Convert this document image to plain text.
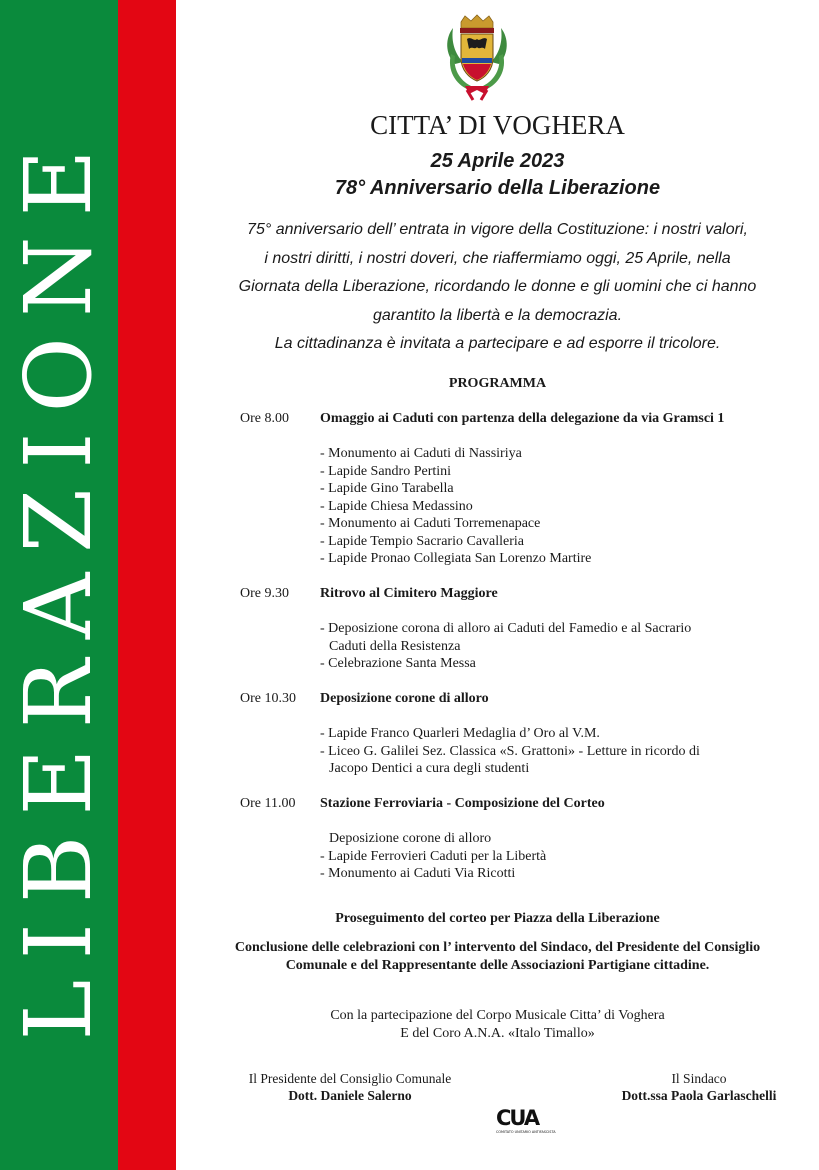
LIBERAZIONE
CITTA’ DI VOGHERA
25 Aprile 2023
78° Anniversario della Liberazione

75° anniversario dell’ entrata in vigore della Costituzione: i nostri valori,

i nostri diritti, i nostri doveri, che riaffermiamo oggi, 25 Aprile, nella

Giornata della Liberazione, ricordando le donne e gli uomini che ci hanno

garantito la libertà e la democrazia.

La cittadinanza è invitata a partecipare e ad esporre il tricolore.

PROGRAMMA
Ore 8.00	Omaggio ai Caduti con partenza della delegazione da via Gramsci 1
- Monumento ai Caduti di Nassiriya
- Lapide Sandro Pertini
- Lapide Gino Tarabella
- Lapide Chiesa Medassino
- Monumento ai Caduti Torremenapace
- Lapide Tempio Sacrario Cavalleria
- Lapide Pronao Collegiata San Lorenzo Martire
Ore 9.30	Ritrovo al Cimitero Maggiore
- Deposizione corona di alloro ai Caduti del Famedio e al Sacrario
Caduti della Resistenza
- Celebrazione Santa Messa
Ore 10.30	Deposizione corone di alloro
- Lapide Franco Quarleri Medaglia d’ Oro al V.M.
- Liceo G. Galilei Sez. Classica «S. Grattoni» - Letture in ricordo di
Jacopo Dentici a cura degli studenti
Ore 11.00	Stazione Ferroviaria - Composizione del Corteo
Deposizione corone di alloro
- Lapide Ferrovieri Caduti per la Libertà
- Monumento ai Caduti Via Ricotti
Proseguimento del corteo per Piazza della Liberazione
Conclusione delle celebrazioni con l’ intervento del Sindaco, del Presidente del Consiglio
Comunale e del Rappresentante delle Associazioni Partigiane cittadine.
Con la partecipazione del Corpo Musicale Citta’ di Voghera
E del Coro A.N.A. «Italo Timallo»
Il Presidente del Consiglio Comunale
Dott. Daniele Salerno
Il Sindaco
Dott.ssa Paola Garlaschelli
CUA
COMITATO UNITARIO ANTIFASCISTA
